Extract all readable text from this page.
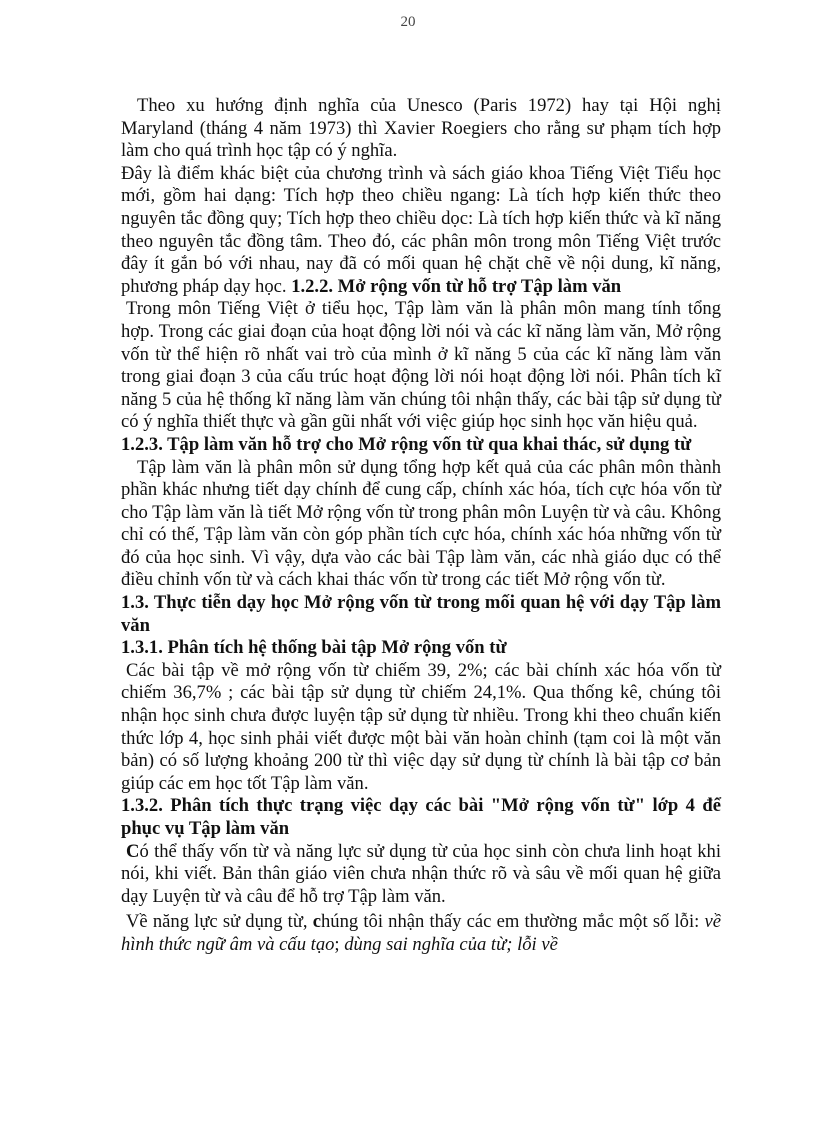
20

Theo xu hướng định nghĩa của Unesco (Paris 1972) hay tại Hội nghị Maryland (tháng 4 năm 1973) thì Xavier Roegiers cho rằng sư phạm tích hợp làm cho quá trình học tập có ý nghĩa.

Đây là điểm khác biệt của chương trình và sách giáo khoa Tiếng Việt Tiểu học mới, gồm hai dạng: Tích hợp theo chiều ngang: Là tích hợp kiến thức theo nguyên tắc đồng quy; Tích hợp theo chiều dọc: Là tích hợp kiến thức và kĩ năng theo nguyên tắc đồng tâm. Theo đó, các phân môn trong môn Tiếng Việt trước đây ít gắn bó với nhau, nay đã có mối quan hệ chặt chẽ về nội dung, kĩ năng, phương pháp dạy học. 1.2.2. Mở rộng vốn từ hỗ trợ Tập làm văn

Trong môn Tiếng Việt ở tiểu học, Tập làm văn là phân môn mang tính tổng hợp. Trong các giai đoạn của hoạt động lời nói và các kĩ năng làm văn, Mở rộng vốn từ thể hiện rõ nhất vai trò của mình ở kĩ năng 5 của các kĩ năng làm văn trong giai đoạn 3 của cấu trúc hoạt động lời nói hoạt động lời nói. Phân tích kĩ năng 5 của hệ thống kĩ năng làm văn chúng tôi nhận thấy, các bài tập sử dụng từ có ý nghĩa thiết thực và gần gũi nhất với việc giúp học sinh học văn hiệu quả.

1.2.3. Tập làm văn hỗ trợ cho Mở rộng vốn từ qua khai thác, sử dụng từ

Tập làm văn là phân môn sử dụng tổng hợp kết quả của các phân môn thành phần khác nhưng tiết dạy chính để cung cấp, chính xác hóa, tích cực hóa vốn từ cho Tập làm văn là tiết Mở rộng vốn từ trong phân môn Luyện từ và câu. Không chỉ có thế, Tập làm văn còn góp phần tích cực hóa, chính xác hóa những vốn từ đó của học sinh. Vì vậy, dựa vào các bài Tập làm văn, các nhà giáo dục có thể điều chỉnh vốn từ và cách khai thác vốn từ trong các tiết Mở rộng vốn từ.

1.3. Thực tiễn dạy học Mở rộng vốn từ trong mối quan hệ với dạy Tập làm văn

1.3.1. Phân tích hệ thống bài tập Mở rộng vốn từ

Các bài tập về mở rộng vốn từ chiếm 39, 2%; các bài chính xác hóa vốn từ chiếm 36,7% ; các bài tập sử dụng từ chiếm 24,1%. Qua thống kê, chúng tôi nhận học sinh chưa được luyện tập sử dụng từ nhiều. Trong khi theo chuẩn kiến thức lớp 4, học sinh phải viết được một bài văn hoàn chỉnh (tạm coi là một văn bản) có số lượng khoảng 200 từ thì việc dạy sử dụng từ chính là bài tập cơ bản giúp các em học tốt Tập làm văn.

1.3.2. Phân tích thực trạng việc dạy các bài "Mở rộng vốn từ" lớp 4 để phục vụ Tập làm văn

Có thể thấy vốn từ và năng lực sử dụng từ của học sinh còn chưa linh hoạt khi nói, khi viết. Bản thân giáo viên chưa nhận thức rõ và sâu về mối quan hệ giữa dạy Luyện từ và câu để hỗ trợ Tập làm văn.

Về năng lực sử dụng từ, chúng tôi nhận thấy các em thường mắc một số lỗi: về hình thức ngữ âm và cấu tạo; dùng sai nghĩa của từ; lỗi về
